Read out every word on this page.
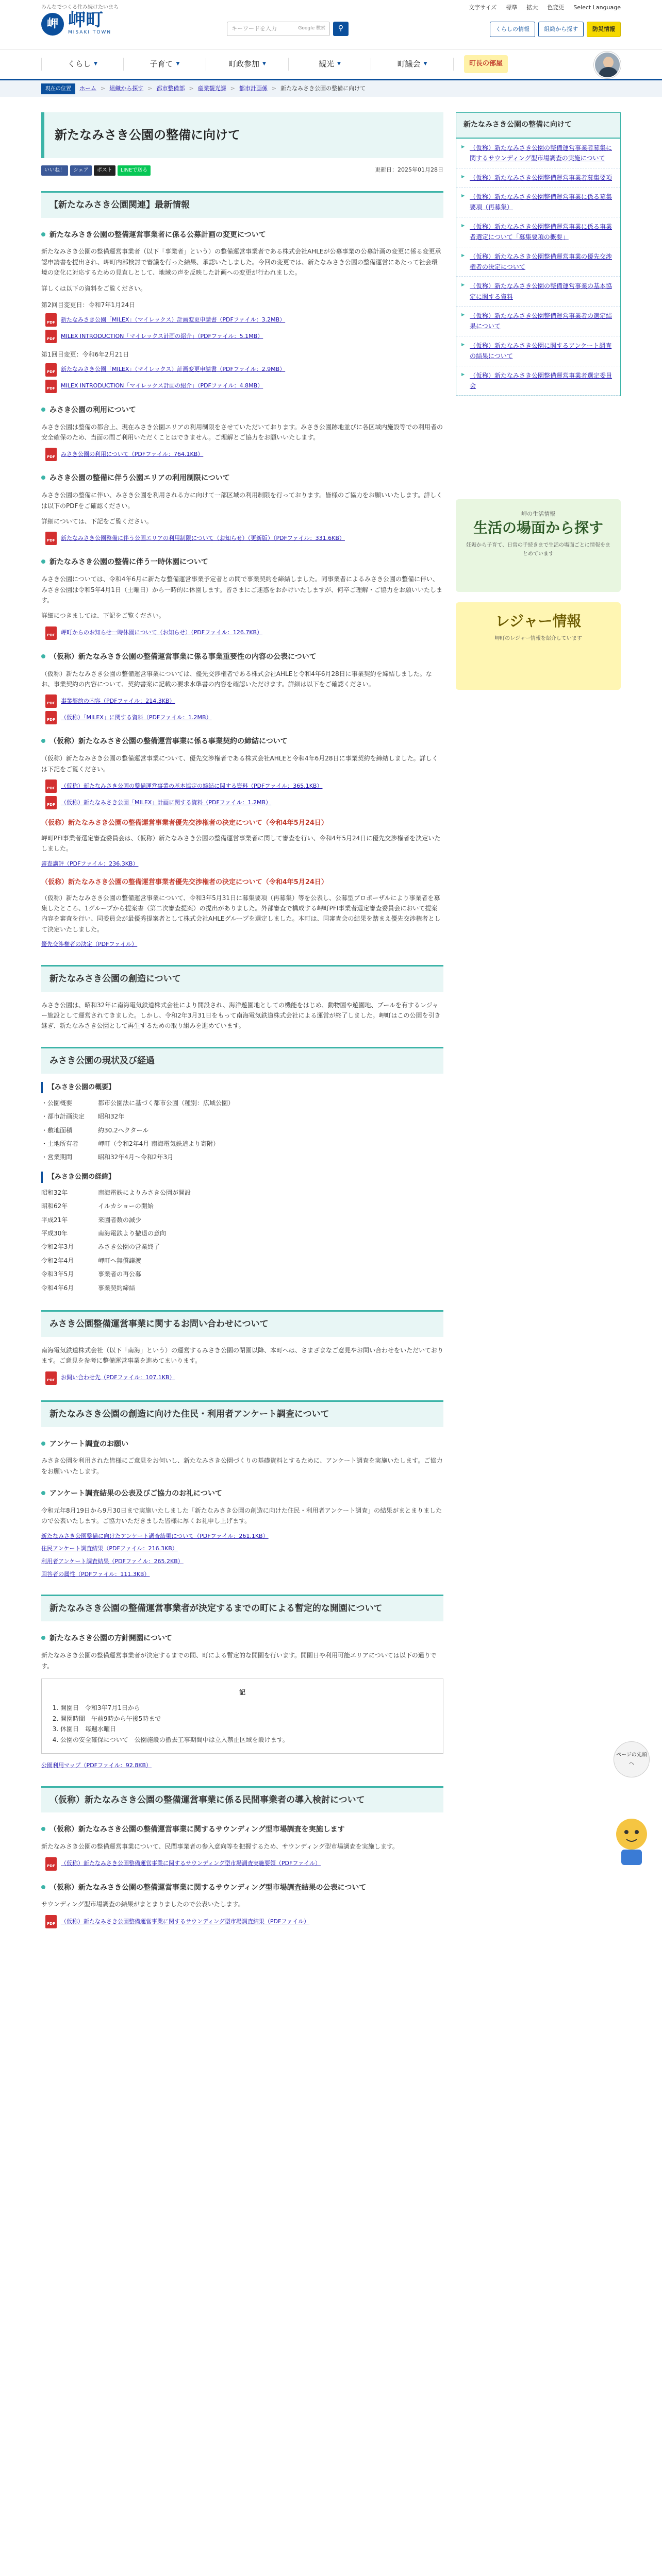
みんなでつくる住み続けたいまち
岬 岬町
MISAKI TOWN
文字サイズ 標準 拡大 色変更 Select Language
キーワードを入力	Google 検索 ⚲	くらしの情報	組織から探す	防災情報
くらし ▼	子育て ▼	町政参加 ▼	観光 ▼	町議会 ▼	町長の部屋
現在の位置	ホーム > 組織から探す > 都市整備部 > 産業観光課 > 都市計画係 > 新たなみさき公園の整備に向けて
新たなみさき公園の整備に向けて
いいね！	シェア	ポスト	LINEで送る	更新日：2025年01月28日
【新たなみさき公園関連】最新情報
新たなみさき公園の整備運営事業者に係る公募計画の変更について

新たなみさき公園の整備運営事業者（以下「事業者」という）の整備運営事業者である株式会社AHLEが公募事業の公募計画の変更に係る変更承認申請書を提出され、岬町内部検討で審議を行った結果、承認いたしました。今回の変更では、新たなみさき公園の整備運営にあたって社会環境の変化に対応するための見直しとして、地域の声を反映した計画への変更が行われました。

詳しくは以下の資料をご覧ください。

第2回目変更日：令和7年1月24日
PDF 新たなみさき公園「MILEX」（マイレックス）計画変更申請書（PDFファイル：3.2MB）
PDF MILEX INTRODUCTION「マイレックス計画の紹介」（PDFファイル：5.1MB）
第1回目変更：令和6年2月21日
PDF 新たなみさき公園「MILEX」（マイレックス）計画変更申請書（PDFファイル：2.9MB）
PDF MILEX INTRODUCTION「マイレックス計画の紹介」（PDFファイル：4.8MB）
みさき公園の利用について

みさき公園は整備の都合上、現在みさき公園エリアの利用制限をさせていただいております。みさき公園跡地並びに各区域内施設等での利用者の安全確保のため、当面の間ご利用いただくことはできません。ご理解とご協力をお願いいたします。

PDF みさき公園の利用について（PDFファイル：764.1KB）
みさき公園の整備に伴う公園エリアの利用制限について

みさき公園の整備に伴い、みさき公園を利用される方に向けて一部区域の利用制限を行っております。皆様のご協力をお願いいたします。詳しくは以下のPDFをご確認ください。

詳細については、下記をご覧ください。

PDF 新たなみさき公園整備に伴う公園エリアの利用制限について（お知らせ）（更新版）（PDFファイル：331.6KB）
新たなみさき公園の整備に伴う一時休園について

みさき公園については、令和4年6月に新たな整備運営事業予定者との間で事業契約を締結しました。同事業者によるみさき公園の整備に伴い、みさき公園は令和5年4月1日（土曜日）から一時的に休園します。皆さまにご迷惑をおかけいたしますが、何卒ご理解・ご協力をお願いいたします。

詳細につきましては、下記をご覧ください。

PDF 岬町からのお知らせ一時休園について（お知らせ）（PDFファイル：126.7KB）
（仮称）新たなみさき公園の整備運営事業に係る事業重要性の内容の公表について

（仮称）新たなみさき公園の整備運営事業については、優先交渉権者である株式会社AHLEと令和4年6月28日に事業契約を締結しました。なお、事業契約の内容について、契約書案に記載の要求水準書の内容を確認いただけます。詳細は以下をご確認ください。

PDF 事業契約の内容（PDFファイル：214.3KB）
PDF （仮称）「MILEX」に関する資料（PDFファイル：1.2MB）
（仮称）新たなみさき公園の整備運営事業に係る事業契約の締結について

（仮称）新たなみさき公園の整備運営事業について、優先交渉権者である株式会社AHLEと令和4年6月28日に事業契約を締結しました。詳しくは下記をご覧ください。

PDF （仮称）新たなみさき公園の整備運営事業の基本協定の締結に関する資料（PDFファイル：365.1KB）
PDF （仮称）新たなみさき公園「MILEX」計画に関する資料（PDFファイル：1.2MB）
（仮称）新たなみさき公園の整備運営事業者優先交渉権者の決定について（令和4年5月24日）

岬町PFI事業者選定審査委員会は、（仮称）新たなみさき公園の整備運営事業者に関して審査を行い、令和4年5月24日に優先交渉権者を決定いたしました。

審査講評（PDFファイル：236.3KB）
（仮称）新たなみさき公園の整備運営事業者優先交渉権者の決定について（令和4年5月24日）

（仮称）新たなみさき公園の整備運営事業について、令和3年5月31日に募集要項（再募集）等を公表し、公募型プロポーザルにより事業者を募集したところ、1グループから提案書（第二次審査提案）の提出がありました。外部審査で構成する岬町PFI事業者選定審査委員会において提案内容を審査を行い、同委員会が最優秀提案者として株式会社AHLEグループを選定しました。本町は、同審査会の結果を踏まえ優先交渉権者として決定いたしました。

優先交渉権者の決定（PDFファイル）
新たなみさき公園の創造について

みさき公園は、昭和32年に南海電気鉄道株式会社により開設され、海洋遊園地としての機能をはじめ、動物園や遊園地、プールを有するレジャー施設として運営されてきました。しかし、令和2年3月31日をもって南海電気鉄道株式会社による運営が終了しました。岬町はこの公園を引き継ぎ、新たなみさき公園として再生するための取り組みを進めています。

みさき公園の現状及び経過
【みさき公園の概要】
・公園概要	都市公園法に基づく都市公園（種別：広域公園）
・都市計画決定	昭和32年
・敷地面積	約30.2ヘクタール
・土地所有者	岬町（令和2年4月 南海電気鉄道より寄附）
・営業期間	昭和32年4月～令和2年3月
【みさき公園の経緯】
昭和32年	南海電鉄によりみさき公園が開設
昭和62年	イルカショーの開始
平成21年	来園者数の減少
平成30年	南海電鉄より撤退の意向
令和2年3月	みさき公園の営業終了
令和2年4月	岬町へ無償譲渡
令和3年5月	事業者の再公募
令和4年6月	事業契約締結
みさき公園整備運営事業に関するお問い合わせについて

南海電気鉄道株式会社（以下「南海」という）の運営するみさき公園の閉園以降、本町へは、さまざまなご意見やお問い合わせをいただいております。ご意見を参考に整備運営事業を進めてまいります。

PDF お問い合わせ先（PDFファイル：107.1KB）
新たなみさき公園の創造に向けた住民・利用者アンケート調査について
アンケート調査のお願い

みさき公園を利用された皆様にご意見をお伺いし、新たなみさき公園づくりの基礎資料とするために、アンケート調査を実施いたします。ご協力をお願いいたします。

アンケート調査結果の公表及びご協力のお礼について

令和元年8月19日から9月30日まで実施いたしました「新たなみさき公園の創造に向けた住民・利用者アンケート調査」の結果がまとまりましたので公表いたします。ご協力いただきました皆様に厚くお礼申し上げます。

新たなみさき公園整備に向けたアンケート調査結果について（PDFファイル：261.1KB）
住民アンケート調査結果（PDFファイル：216.3KB）
利用者アンケート調査結果（PDFファイル：265.2KB）
回答者の属性（PDFファイル：111.3KB）
新たなみさき公園の整備運営事業者が決定するまでの町による暫定的な開園について
新たなみさき公園の方針開園について

新たなみさき公園の整備運営事業者が決定するまでの間、町による暫定的な開園を行います。開園日や利用可能エリアについては以下の通りです。

記
1. 開園日　令和3年7月1日から
2. 開園時間　午前9時から午後5時まで
3. 休園日　毎週水曜日
4. 公園の安全確保について　公園施設の撤去工事期間中は立入禁止区域を設けます。
公園利用マップ（PDFファイル：92.8KB）
（仮称）新たなみさき公園の整備運営事業に係る民間事業者の導入検討について
（仮称）新たなみさき公園の整備運営事業に関するサウンディング型市場調査を実施します

新たなみさき公園の整備運営事業について、民間事業者の参入意向等を把握するため、サウンディング型市場調査を実施します。

PDF （仮称）新たなみさき公園整備運営事業に関するサウンディング型市場調査実施要領（PDFファイル）
（仮称）新たなみさき公園の整備運営事業に関するサウンディング型市場調査結果の公表について

サウンディング型市場調査の結果がまとまりましたので公表いたします。

PDF （仮称）新たなみさき公園整備運営事業に関するサウンディング型市場調査結果（PDFファイル）
新たなみさき公園の整備に向けて
▶ （仮称）新たなみさき公園の整備運営事業者募集に関するサウンディング型市場調査の実施について
▶ （仮称）新たなみさき公園整備運営事業者募集要項
▶ （仮称）新たなみさき公園整備運営事業に係る募集要項（再募集）
▶ （仮称）新たなみさき公園整備運営事業に係る事業者選定について「募集要項の概要」
▶ （仮称）新たなみさき公園整備運営事業の優先交渉権者の決定について
▶ （仮称）新たなみさき公園の整備運営事業の基本協定に関する資料
▶ （仮称）新たなみさき公園整備運営事業者の選定結果について
▶ （仮称）新たなみさき公園に関するアンケート調査の結果について
▶ （仮称）新たなみさき公園整備運営事業者選定委員会
岬の生活情報
生活の場面から探す
妊娠から子育て、日常の手続きまで生活の場面ごとに情報をまとめています
レジャー情報
岬町のレジャー情報を紹介しています
ページの先頭へ
